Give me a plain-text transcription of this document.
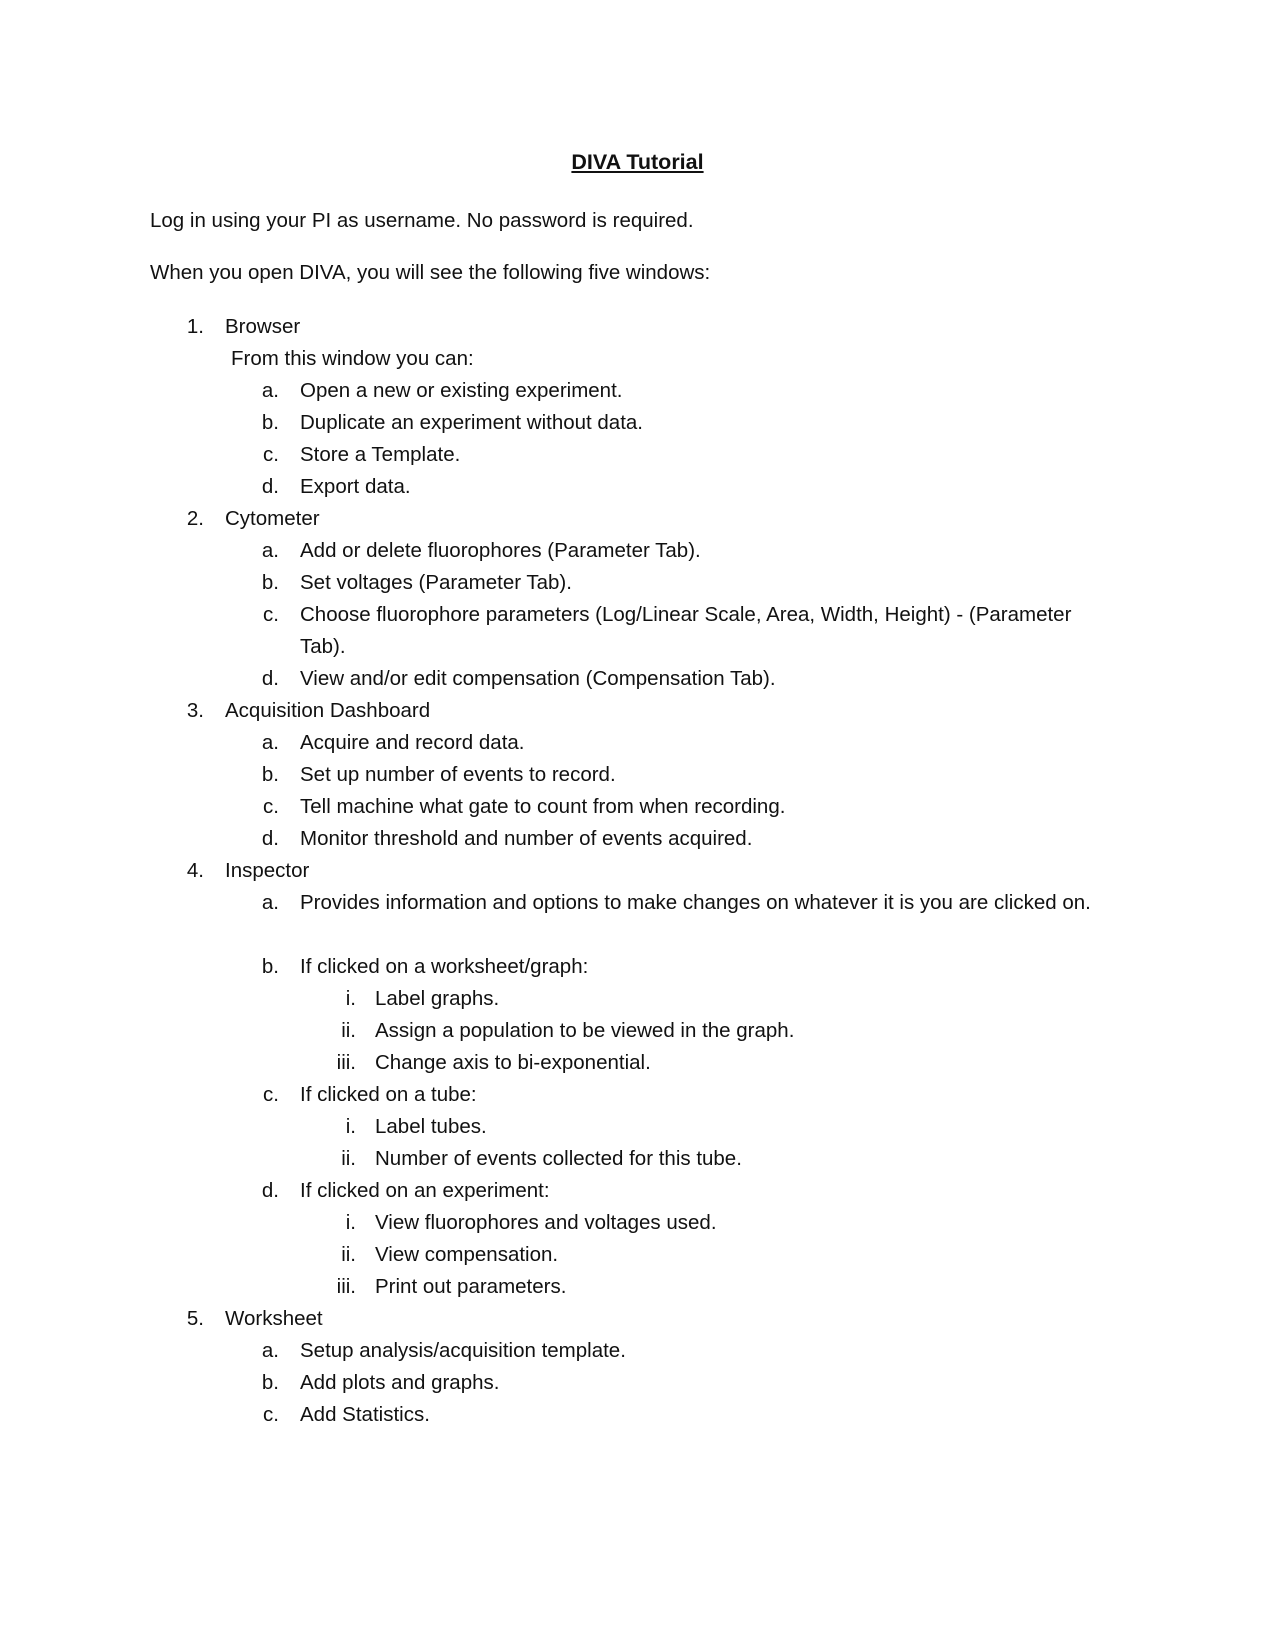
DIVA Tutorial
Log in using your PI as username. No password is required.
When you open DIVA, you will see the following five windows:
1. Browser
From this window you can:
a. Open a new or existing experiment.
b. Duplicate an experiment without data.
c. Store a Template.
d. Export data.
2. Cytometer
a. Add or delete fluorophores (Parameter Tab).
b. Set voltages (Parameter Tab).
c. Choose fluorophore parameters (Log/Linear Scale, Area, Width, Height) - (Parameter Tab).
d. View and/or edit compensation (Compensation Tab).
3. Acquisition Dashboard
a. Acquire and record data.
b. Set up number of events to record.
c. Tell machine what gate to count from when recording.
d. Monitor threshold and number of events acquired.
4. Inspector
a. Provides information and options to make changes on whatever it is you are clicked on.
b. If clicked on a worksheet/graph:
i. Label graphs.
ii. Assign a population to be viewed in the graph.
iii. Change axis to bi-exponential.
c. If clicked on a tube:
i. Label tubes.
ii. Number of events collected for this tube.
d. If clicked on an experiment:
i. View fluorophores and voltages used.
ii. View compensation.
iii. Print out parameters.
5. Worksheet
a. Setup analysis/acquisition template.
b. Add plots and graphs.
c. Add Statistics.
